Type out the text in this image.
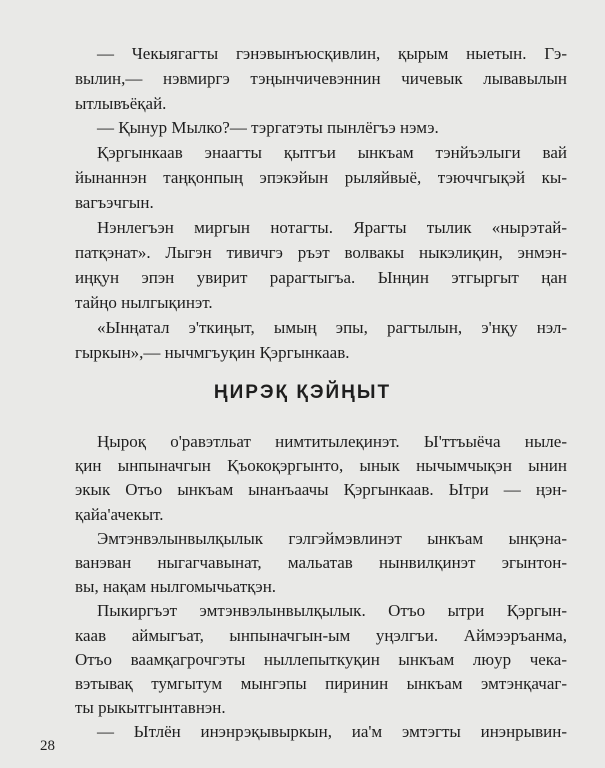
— Чекыягагты гэнэвынъюсқивлин, қырым ныетын. Гэ-
вылин,— нэвмиргэ тэңынчичевэннин чичевык лывавылын
ытлывъёқай.
— Қынур Мылко?— тэргатэты пынлёгъэ нэмэ.
Қэргынкаав энаагты қытгъи ынкъам тэнйъэлыги вай
йынаннэн таңқонпың эпэкэйын рыляйвыё, тэюччгықэй кы-
вагъэчгын.
Нэнлегъэн миргын нотагты. Ярагты тылик «нырэтай-
патқэнат». Лыгэн тивичгэ ръэт волвакы ныкэлиқин, энмэн-
иңқун эпэн увирит рарагтыгъа. Ынңин этгыргыт ңан
тайңо нылгықинэт.
«Ынңатал э'ткиңыт, ымың эпы, рагтылын, э'нқу нэл-
гыркын»,— нычмгъуқин Қэргынкаав.
ҢИРЭҚ ҚЭЙҢЫТ
Ңыроқ о'равэтльат нимтитылеқинэт. Ы'ттъыёча ныле-
қин ынпыначгын Қъокоқэргынто, ынык нычымчықэн ынин
экык Отъо ынкъам ынанъаачы Қэргынкаав. Ытри — ңэн-
қайа'ачекыт.
Эмтэнвэлынвылқылык гэлгэймэвлинэт ынкъам ынқэна-
ванэван ныгагчавынат, мальатав нынвилқинэт эгынтон-
вы, нақам нылгомычьатқэн.
Пыкиргъэт эмтэнвэлынвылқылык. Отъо ытри Қэргын-
каав аймыгъат, ынпыначгын-ым уңэлгъи. Аймээръанма,
Отъо ваамқагрочгэты ныллепыткуқин ынкъам люур чека-
вэтывақ тумгытум мынгэпы пиринин ынкъам эмтэнқачаг-
ты рыкытгынтавнэн.
— Ытлён инэнрэқывыркын, иа'м эмтэгты инэнрывин-
28
